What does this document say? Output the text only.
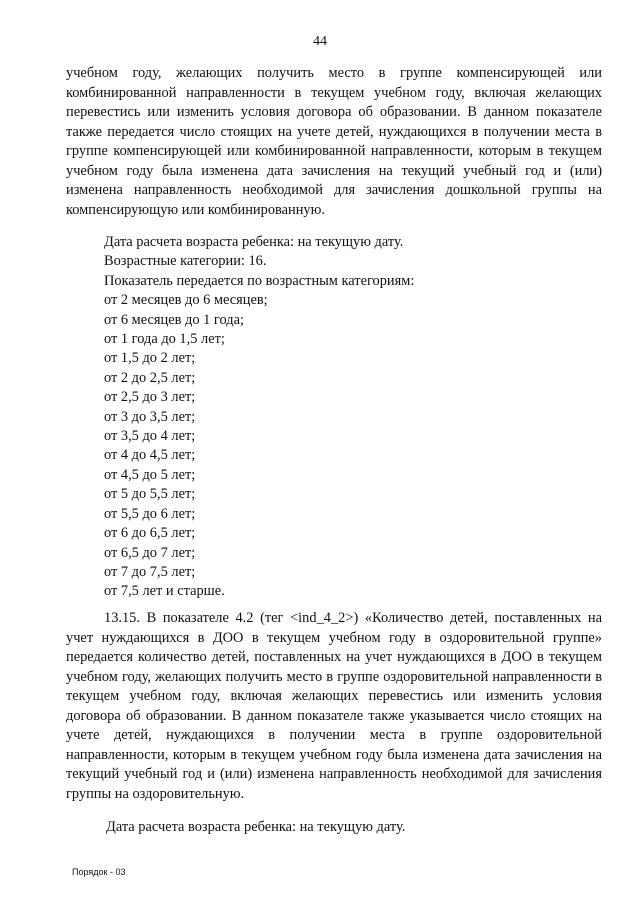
44

учебном году, желающих получить место в группе компенсирующей или комбинированной направленности в текущем учебном году, включая желающих перевестись или изменить условия договора об образовании. В данном показателе также передается число стоящих на учете детей, нуждающихся в получении места в группе компенсирующей или комбинированной направленности, которым в текущем учебном году была изменена дата зачисления на текущий учебный год и (или) изменена направленность необходимой для зачисления дошкольной группы на компенсирующую или комбинированную.

Дата расчета возраста ребенка: на текущую дату.
Возрастные категории: 16.
Показатель передается по возрастным категориям:
от 2 месяцев до 6 месяцев;
от 6 месяцев до 1 года;
от 1 года до 1,5 лет;
от 1,5 до 2 лет;
от 2 до 2,5 лет;
от 2,5 до 3 лет;
от 3 до 3,5 лет;
от 3,5 до 4 лет;
от 4 до 4,5 лет;
от 4,5 до 5 лет;
от 5 до 5,5 лет;
от 5,5 до 6 лет;
от 6 до 6,5 лет;
от 6,5 до 7 лет;
от 7 до 7,5 лет;
от 7,5 лет и старше.

13.15. В показателе 4.2 (тег <ind_4_2>) «Количество детей, поставленных на учет нуждающихся в ДОО в текущем учебном году в оздоровительной группе» передается количество детей, поставленных на учет нуждающихся в ДОО в текущем учебном году, желающих получить место в группе оздоровительной направленности в текущем учебном году, включая желающих перевестись или изменить условия договора об образовании. В данном показателе также указывается число стоящих на учете детей, нуждающихся в получении места в группе оздоровительной направленности, которым в текущем учебном году была изменена дата зачисления на текущий учебный год и (или) изменена направленность необходимой для зачисления группы на оздоровительную.

Дата расчета возраста ребенка: на текущую дату.
Порядок - 03
